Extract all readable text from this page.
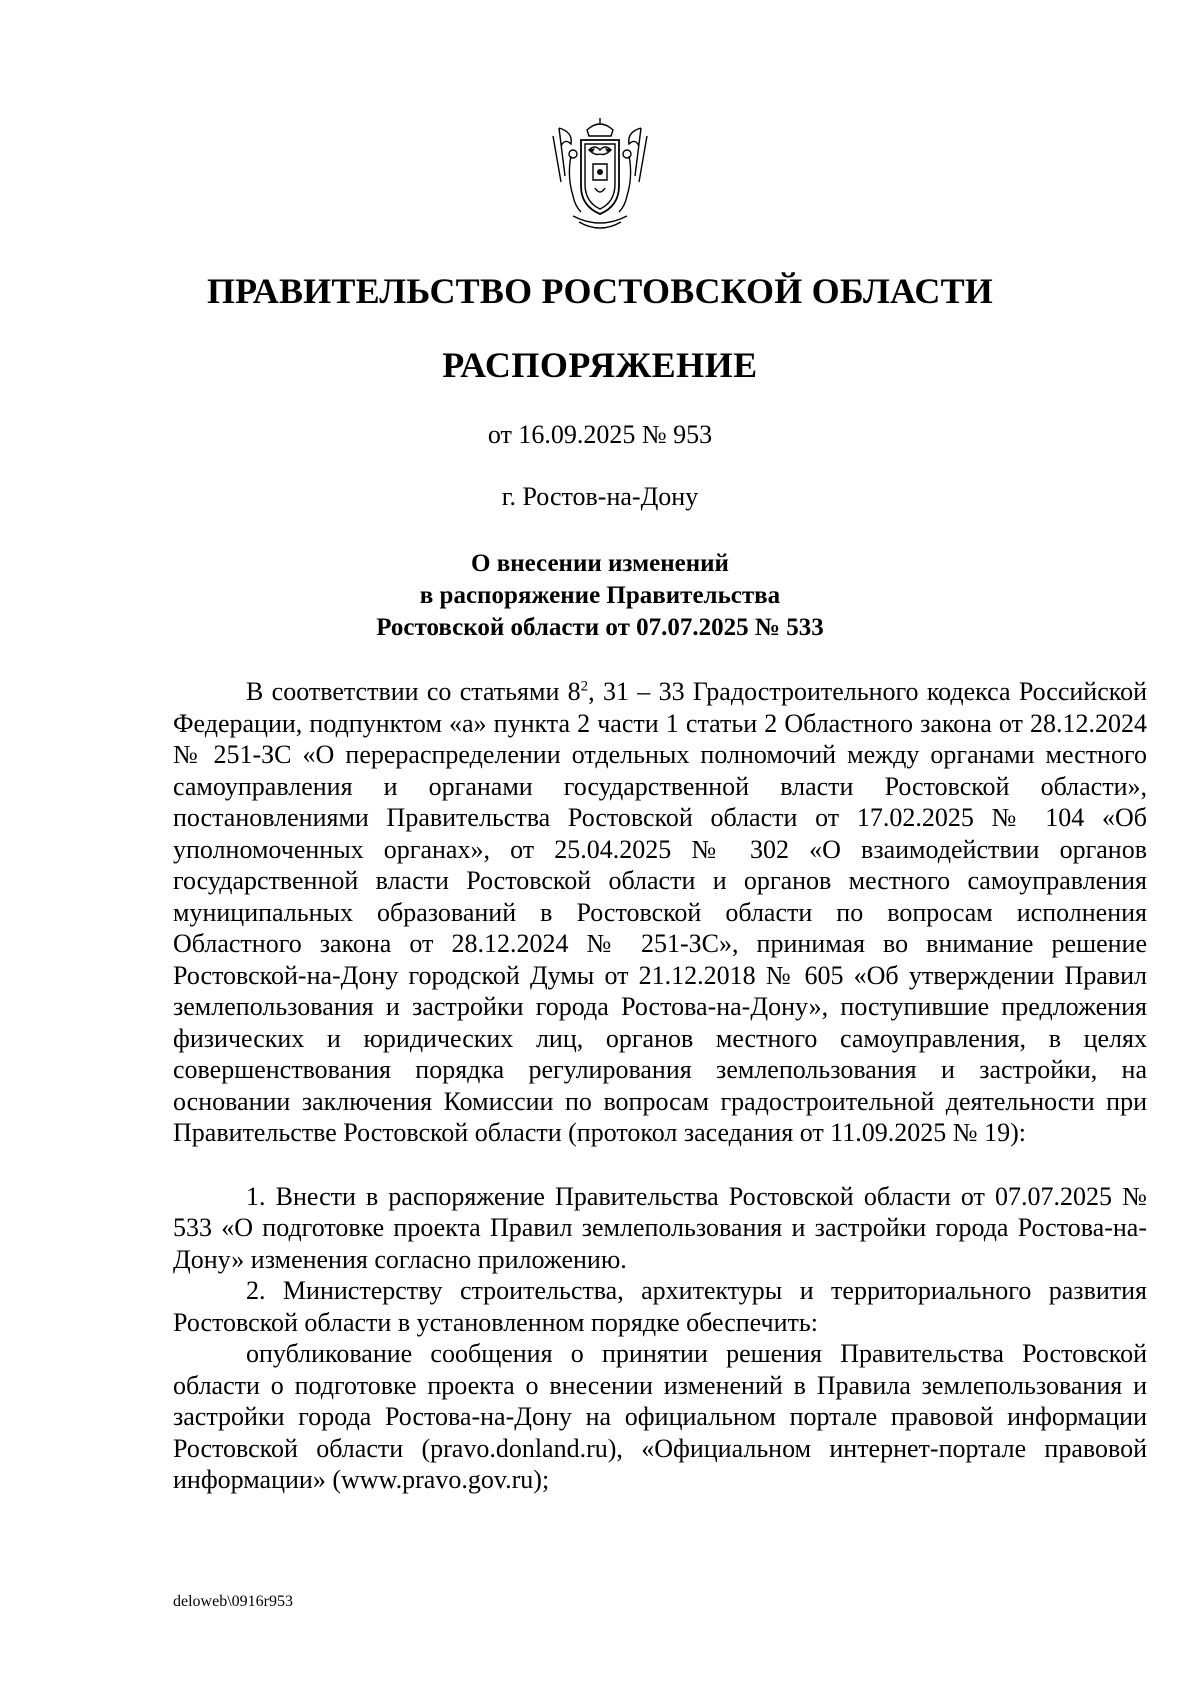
ПРАВИТЕЛЬСТВО РОСТОВСКОЙ ОБЛАСТИ
РАСПОРЯЖЕНИЕ
от 16.09.2025 № 953
г. Ростов-на-Дону
О внесении изменений
в распоряжение Правительства
Ростовской области от 07.07.2025 № 533

В соответствии со статьями $8^2$, 31 – 33 Градостроительного кодекса Российской Федерации, подпунктом «а» пункта 2 части 1 статьи 2 Областного закона от 28.12.2024 № 251-ЗС «О перераспределении отдельных полномочий между органами местного самоуправления и органами государственной власти Ростовской области», постановлениями Правительства Ростовской области от 17.02.2025 № 104 «Об уполномоченных органах», от 25.04.2025 № 302 «О взаимодействии органов государственной власти Ростовской области и органов местного самоуправления муниципальных образований в Ростовской области по вопросам исполнения Областного закона от 28.12.2024 № 251-ЗС», принимая во внимание решение Ростовской-на-Дону городской Думы от 21.12.2018 № 605 «Об утверждении Правил землепользования и застройки города Ростова-на-Дону», поступившие предложения физических и юридических лиц, органов местного самоуправления, в целях совершенствования порядка регулирования землепользования и застройки, на основании заключения Комиссии по вопросам градостроительной деятельности при Правительстве Ростовской области (протокол заседания от 11.09.2025 № 19):

1. Внести в распоряжение Правительства Ростовской области от 07.07.2025 № 533 «О подготовке проекта Правил землепользования и застройки города Ростова-на-Дону» изменения согласно приложению.

2. Министерству строительства, архитектуры и территориального развития Ростовской области в установленном порядке обеспечить:

опубликование сообщения о принятии решения Правительства Ростовской области о подготовке проекта о внесении изменений в Правила землепользования и застройки города Ростова-на-Дону на официальном портале правовой информации Ростовской области (pravo.donland.ru), «Официальном интернет-портале правовой информации» (www.pravo.gov.ru);

deloweb\0916r953
